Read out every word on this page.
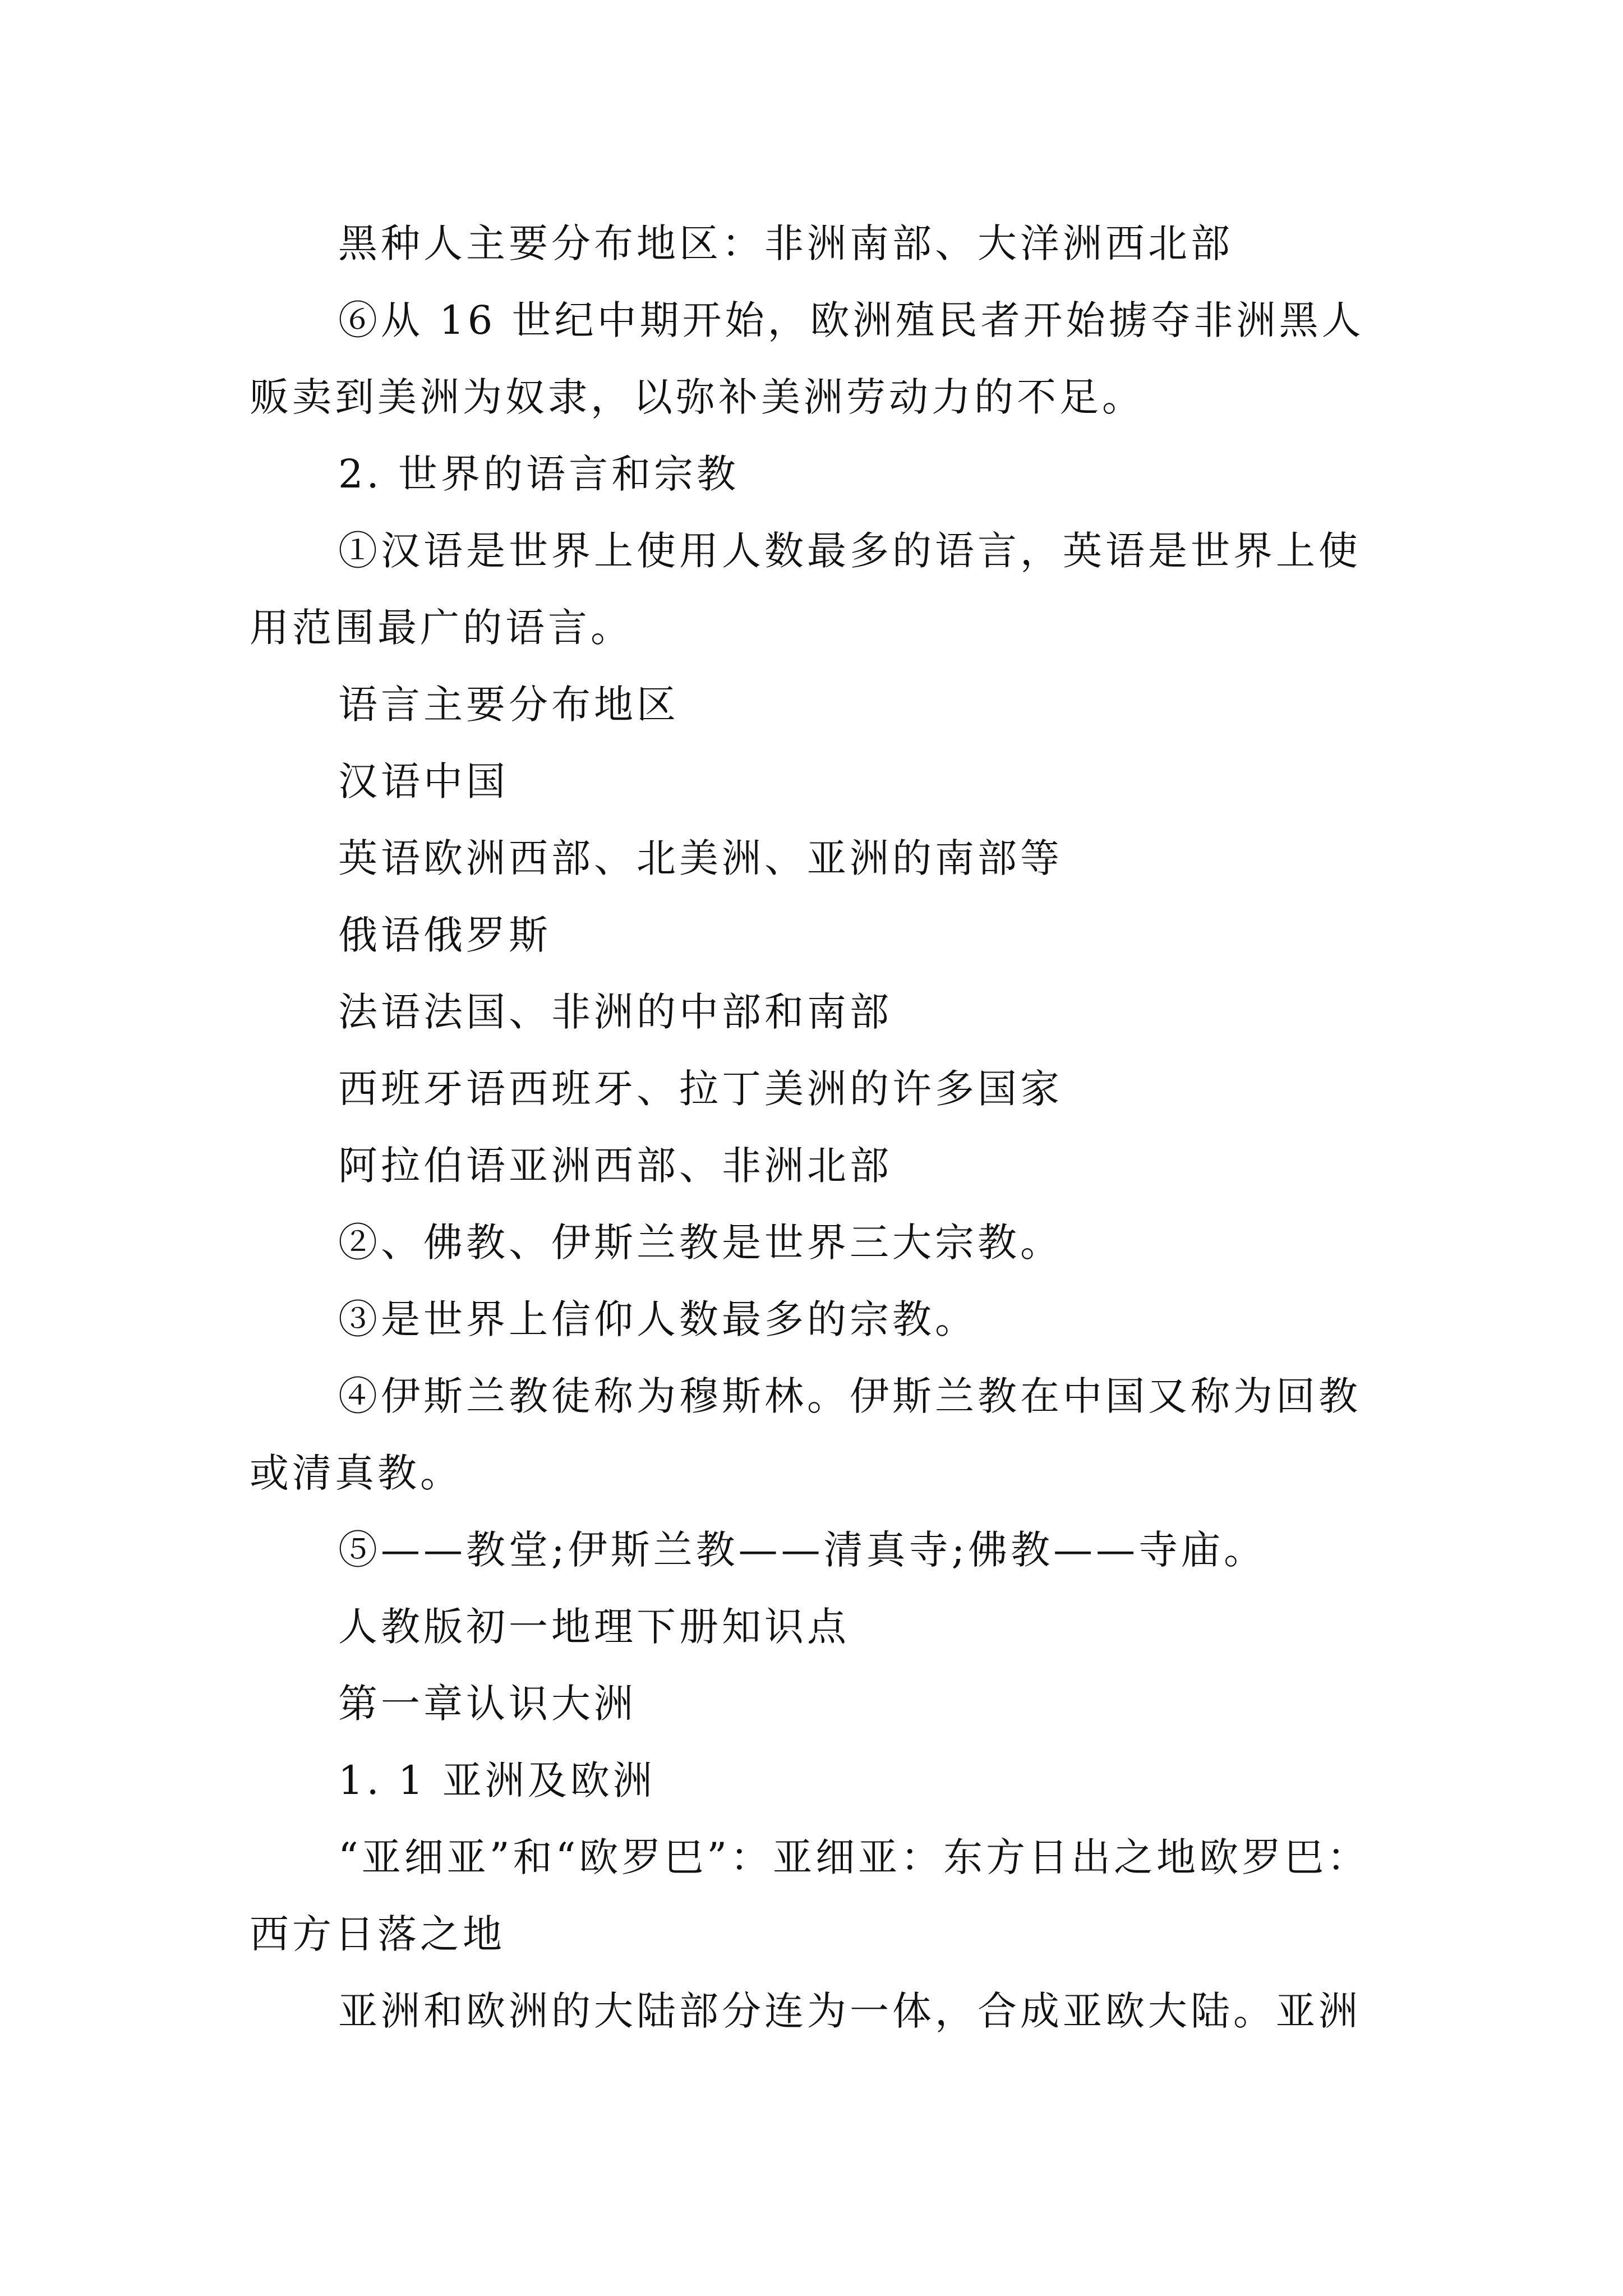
黑种人主要分布地区：非洲南部、大洋洲西北部

⑥从 16 世纪中期开始，欧洲殖民者开始掳夺非洲黑人贩卖到美洲为奴隶，以弥补美洲劳动力的不足。

2. 世界的语言和宗教

①汉语是世界上使用人数最多的语言，英语是世界上使用范围最广的语言。

语言主要分布地区

汉语中国

英语欧洲西部、北美洲、亚洲的南部等

俄语俄罗斯

法语法国、非洲的中部和南部

西班牙语西班牙、拉丁美洲的许多国家

阿拉伯语亚洲西部、非洲北部

②、佛教、伊斯兰教是世界三大宗教。

③是世界上信仰人数最多的宗教。

④伊斯兰教徒称为穆斯林。伊斯兰教在中国又称为回教或清真教。

⑤——教堂;伊斯兰教——清真寺;佛教——寺庙。

人教版初一地理下册知识点

第一章认识大洲

1. 1 亚洲及欧洲

“亚细亚”和“欧罗巴”：亚细亚：东方日出之地欧罗巴：西方日落之地

亚洲和欧洲的大陆部分连为一体，合成亚欧大陆。亚洲
